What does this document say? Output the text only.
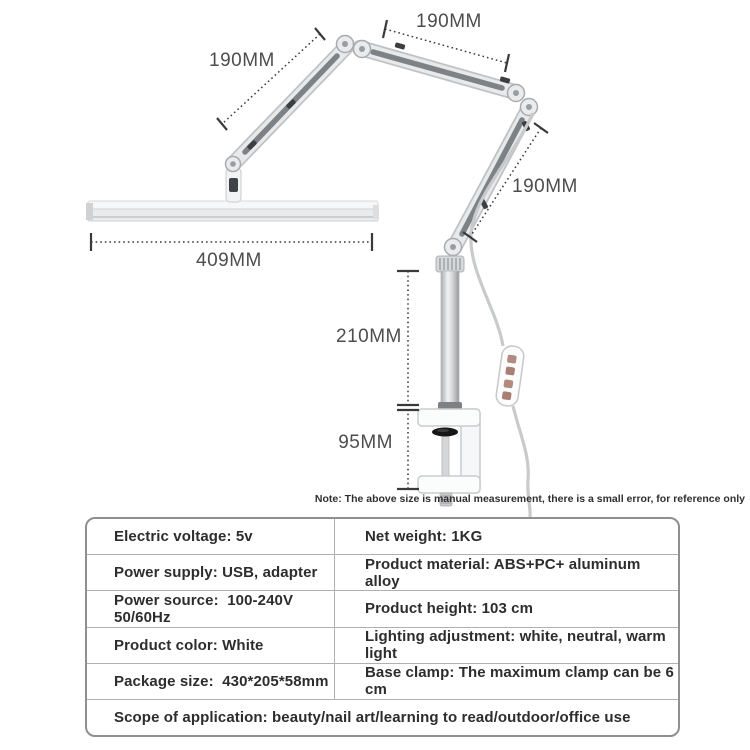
190MM
190MM
190MM
409MM
210MM
95MM
Note: The above size is manual measurement, there is a small error, for reference only
Electric voltage: 5v	Net weight: 1KG
Power supply: USB, adapter	Product material: ABS+PC+ aluminum alloy
Power source:  100-240V 50/60Hz	Product height: 103 cm
Product color: White	Lighting adjustment: white, neutral, warm light
Package size:  430*205*58mm	Base clamp: The maximum clamp can be 6 cm
Scope of application: beauty/nail art/learning to read/outdoor/office use
